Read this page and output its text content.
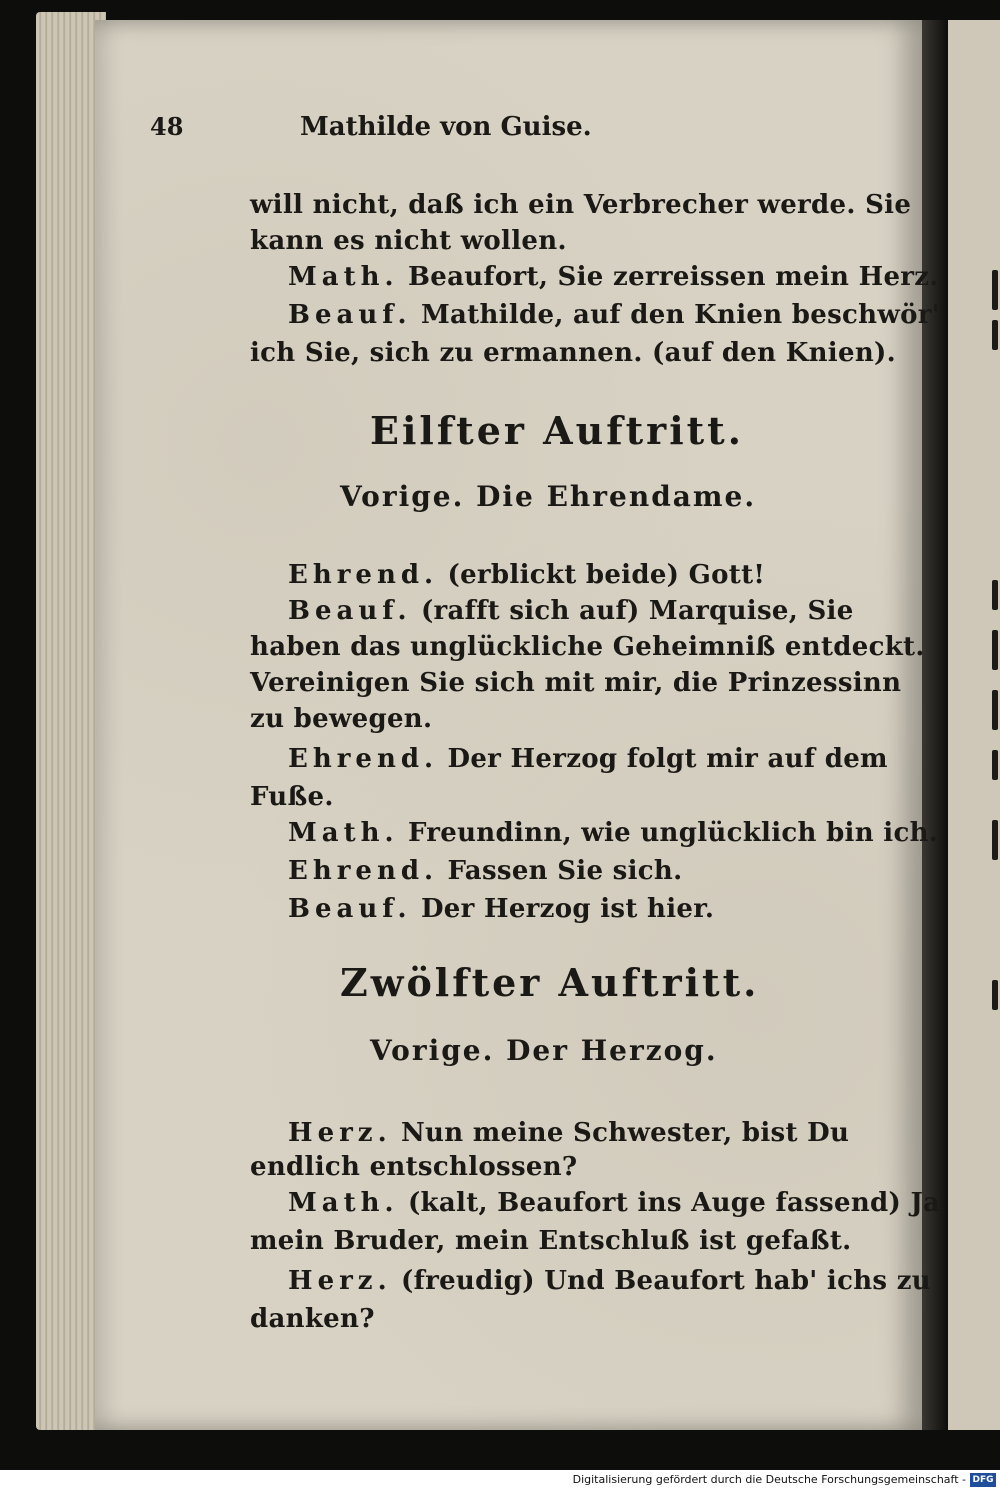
48	Mathilde von Guise.
will nicht, daß ich ein Verbrecher werde. Sie
kann es nicht wollen.
Math. Beaufort, Sie zerreissen mein Herz.
Beauf. Mathilde, auf den Knien beschwör'
ich Sie, sich zu ermannen. (auf den Knien).
Eilfter Auftritt.
Vorige. Die Ehrendame.
Ehrend. (erblickt beide) Gott!
Beauf. (rafft sich auf) Marquise, Sie
haben das unglückliche Geheimniß entdeckt.
Vereinigen Sie sich mit mir, die Prinzessinn
zu bewegen.
Ehrend. Der Herzog folgt mir auf dem
Fuße.
Math. Freundinn, wie unglücklich bin ich.
Ehrend. Fassen Sie sich.
Beauf. Der Herzog ist hier.
Zwölfter Auftritt.
Vorige. Der Herzog.
Herz. Nun meine Schwester, bist Du
endlich entschlossen?
Math. (kalt, Beaufort ins Auge fassend) Ja
mein Bruder, mein Entschluß ist gefaßt.
Herz. (freudig) Und Beaufort hab' ichs zu
danken?
Digitalisierung gefördert durch die Deutsche Forschungsgemeinschaft - DFG
